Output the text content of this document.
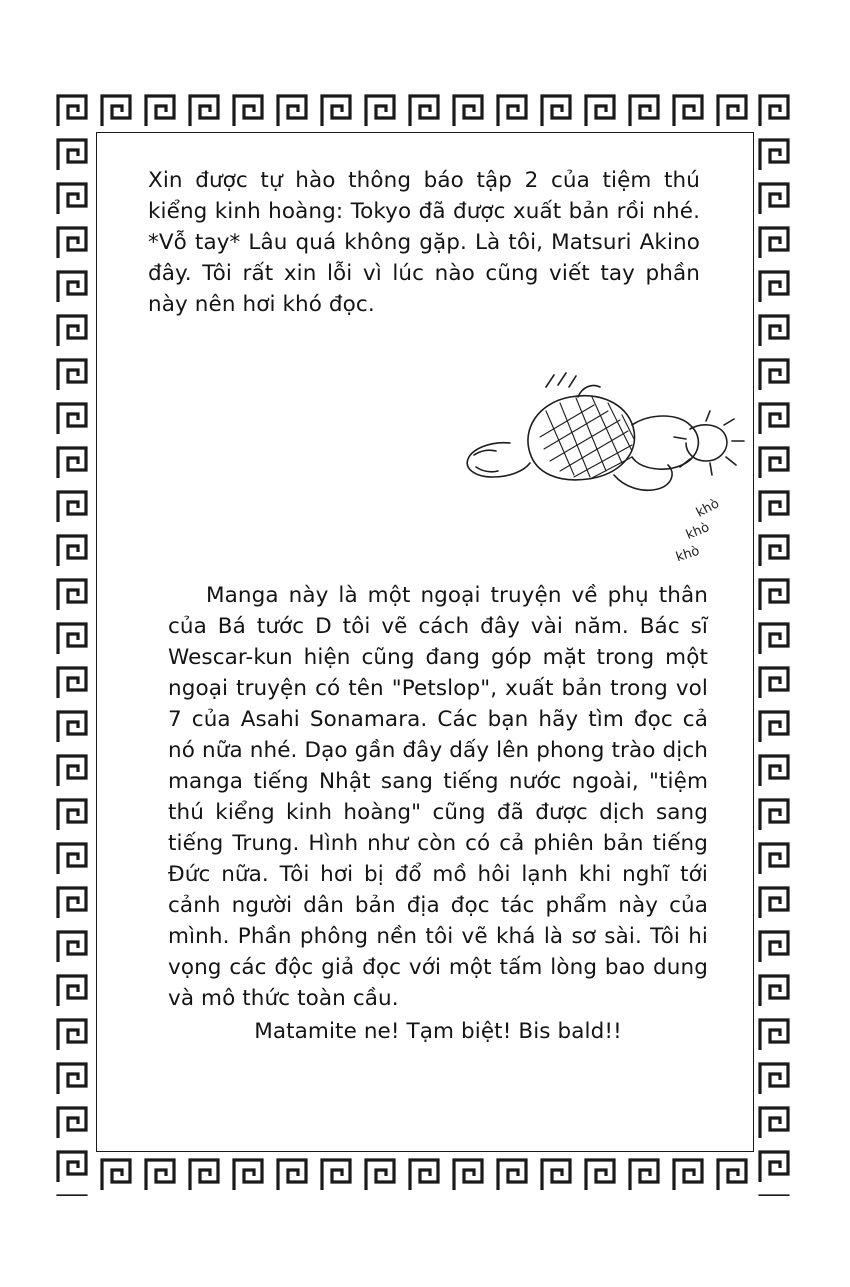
Xin được tự hào thông báo tập 2 của tiệm thú kiểng kinh hoàng: Tokyo đã được xuất bản rồi nhé. *Vỗ tay* Lâu quá không gặp. Là tôi, Matsuri Akino đây. Tôi rất xin lỗi vì lúc nào cũng viết tay phần này nên hơi khó đọc.

khò
khò
khò

Manga này là một ngoại truyện về phụ thân của Bá tước D tôi vẽ cách đây vài năm. Bác sĩ Wescar-kun hiện cũng đang góp mặt trong một ngoại truyện có tên "Petslop", xuất bản trong vol 7 của Asahi Sonamara. Các bạn hãy tìm đọc cả nó nữa nhé. Dạo gần đây dấy lên phong trào dịch manga tiếng Nhật sang tiếng nước ngoài, "tiệm thú kiểng kinh hoàng" cũng đã được dịch sang tiếng Trung. Hình như còn có cả phiên bản tiếng Đức nữa. Tôi hơi bị đổ mồ hôi lạnh khi nghĩ tới cảnh người dân bản địa đọc tác phẩm này của mình. Phần phông nền tôi vẽ khá là sơ sài. Tôi hi vọng các độc giả đọc với một tấm lòng bao dung và mô thức toàn cầu.
Matamite ne! Tạm biệt! Bis bald!!
